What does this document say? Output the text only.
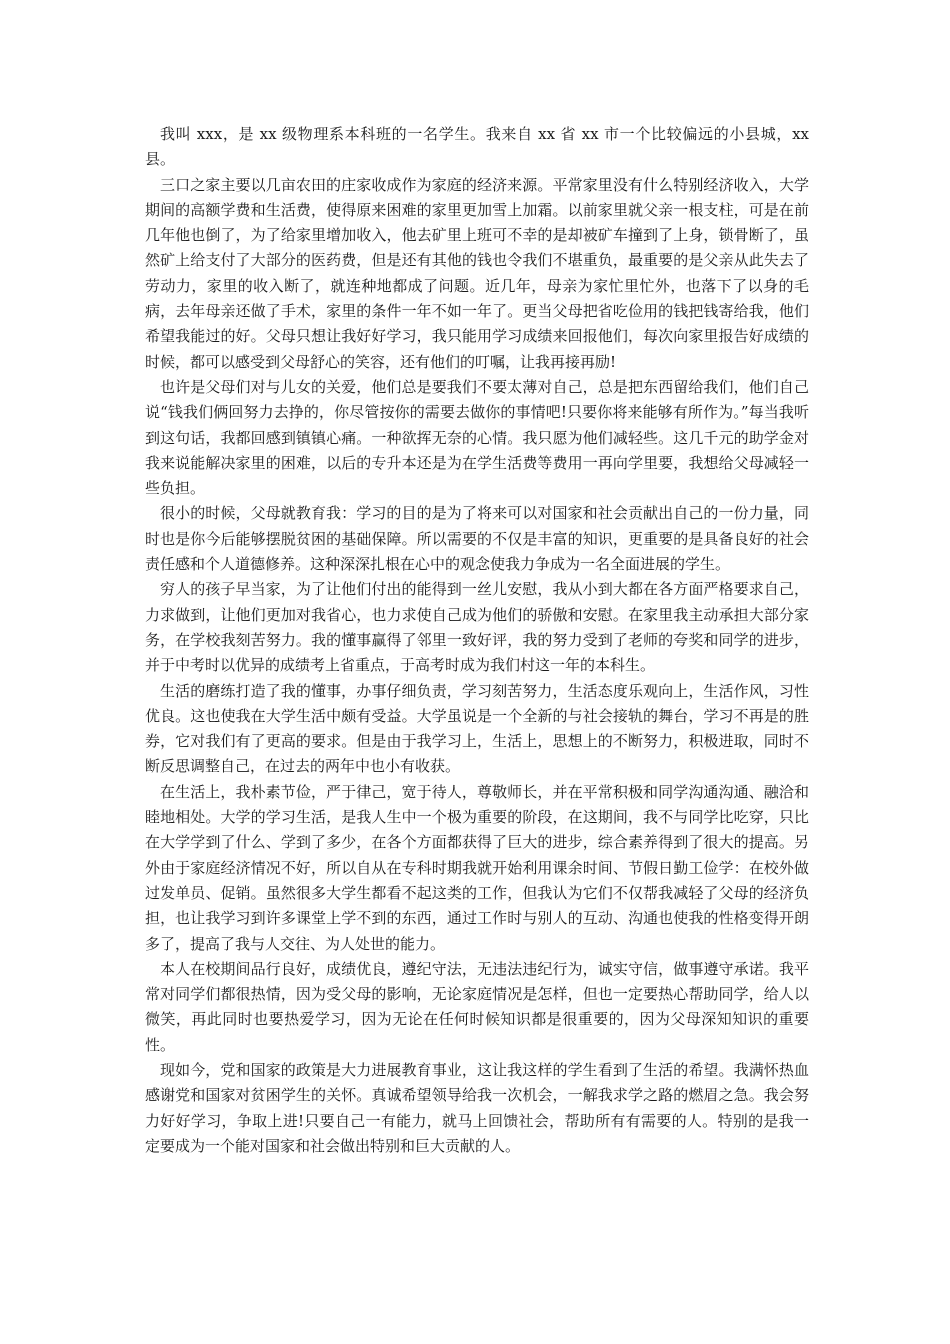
我叫 xxx，是 xx 级物理系本科班的一名学生。我来自 xx 省 xx 市一个比较偏远的小县城，xx 县。

三口之家主要以几亩农田的庄家收成作为家庭的经济来源。平常家里没有什么特别经济收入，大学期间的高额学费和生活费，使得原来困难的家里更加雪上加霜。以前家里就父亲一根支柱，可是在前几年他也倒了，为了给家里增加收入，他去矿里上班可不幸的是却被矿车撞到了上身，锁骨断了，虽然矿上给支付了大部分的医药费，但是还有其他的钱也令我们不堪重负，最重要的是父亲从此失去了劳动力，家里的收入断了，就连种地都成了问题。近几年，母亲为家忙里忙外，也落下了以身的毛病，去年母亲还做了手术，家里的条件一年不如一年了。更当父母把省吃俭用的钱把钱寄给我，他们希望我能过的好。父母只想让我好好学习，我只能用学习成绩来回报他们，每次向家里报告好成绩的时候，都可以感受到父母舒心的笑容，还有他们的叮嘱，让我再接再励!

也许是父母们对与儿女的关爱，他们总是要我们不要太薄对自己，总是把东西留给我们，他们自己说“钱我们俩回努力去挣的，你尽管按你的需要去做你的事情吧!只要你将来能够有所作为。”每当我听到这句话，我都回感到镇镇心痛。一种欲挥无奈的心情。我只愿为他们减轻些。这几千元的助学金对我来说能解决家里的困难，以后的专升本还是为在学生活费等费用一再向学里要，我想给父母减轻一些负担。

很小的时候，父母就教育我：学习的目的是为了将来可以对国家和社会贡献出自己的一份力量，同时也是你今后能够摆脱贫困的基础保障。所以需要的不仅是丰富的知识，更重要的是具备良好的社会责任感和个人道德修养。这种深深扎根在心中的观念使我力争成为一名全面进展的学生。

穷人的孩子早当家，为了让他们付出的能得到一丝儿安慰，我从小到大都在各方面严格要求自己，力求做到，让他们更加对我省心，也力求使自己成为他们的骄傲和安慰。在家里我主动承担大部分家务，在学校我刻苦努力。我的懂事赢得了邻里一致好评，我的努力受到了老师的夸奖和同学的进步，并于中考时以优异的成绩考上省重点，于高考时成为我们村这一年的本科生。

生活的磨练打造了我的懂事，办事仔细负责，学习刻苦努力，生活态度乐观向上，生活作风，习性优良。这也使我在大学生活中颇有受益。大学虽说是一个全新的与社会接轨的舞台，学习不再是的胜券，它对我们有了更高的要求。但是由于我学习上，生活上，思想上的不断努力，积极进取，同时不断反思调整自己，在过去的两年中也小有收获。

在生活上，我朴素节俭，严于律己，宽于待人，尊敬师长，并在平常积极和同学沟通沟通、融洽和睦地相处。大学的学习生活，是我人生中一个极为重要的阶段，在这期间，我不与同学比吃穿，只比在大学学到了什么、学到了多少，在各个方面都获得了巨大的进步，综合素养得到了很大的提高。另外由于家庭经济情况不好，所以自从在专科时期我就开始利用课余时间、节假日勤工俭学：在校外做过发单员、促销。虽然很多大学生都看不起这类的工作，但我认为它们不仅帮我减轻了父母的经济负担，也让我学习到许多课堂上学不到的东西，通过工作时与别人的互动、沟通也使我的性格变得开朗多了，提高了我与人交往、为人处世的能力。

本人在校期间品行良好，成绩优良，遵纪守法，无违法违纪行为，诚实守信，做事遵守承诺。我平常对同学们都很热情，因为受父母的影响，无论家庭情况是怎样，但也一定要热心帮助同学，给人以微笑，再此同时也要热爱学习，因为无论在任何时候知识都是很重要的，因为父母深知知识的重要性。

现如今，党和国家的政策是大力进展教育事业，这让我这样的学生看到了生活的希望。我满怀热血感谢党和国家对贫困学生的关怀。真诚希望领导给我一次机会，一解我求学之路的燃眉之急。我会努力好好学习，争取上进!只要自己一有能力，就马上回馈社会，帮助所有有需要的人。特别的是我一定要成为一个能对国家和社会做出特别和巨大贡献的人。
